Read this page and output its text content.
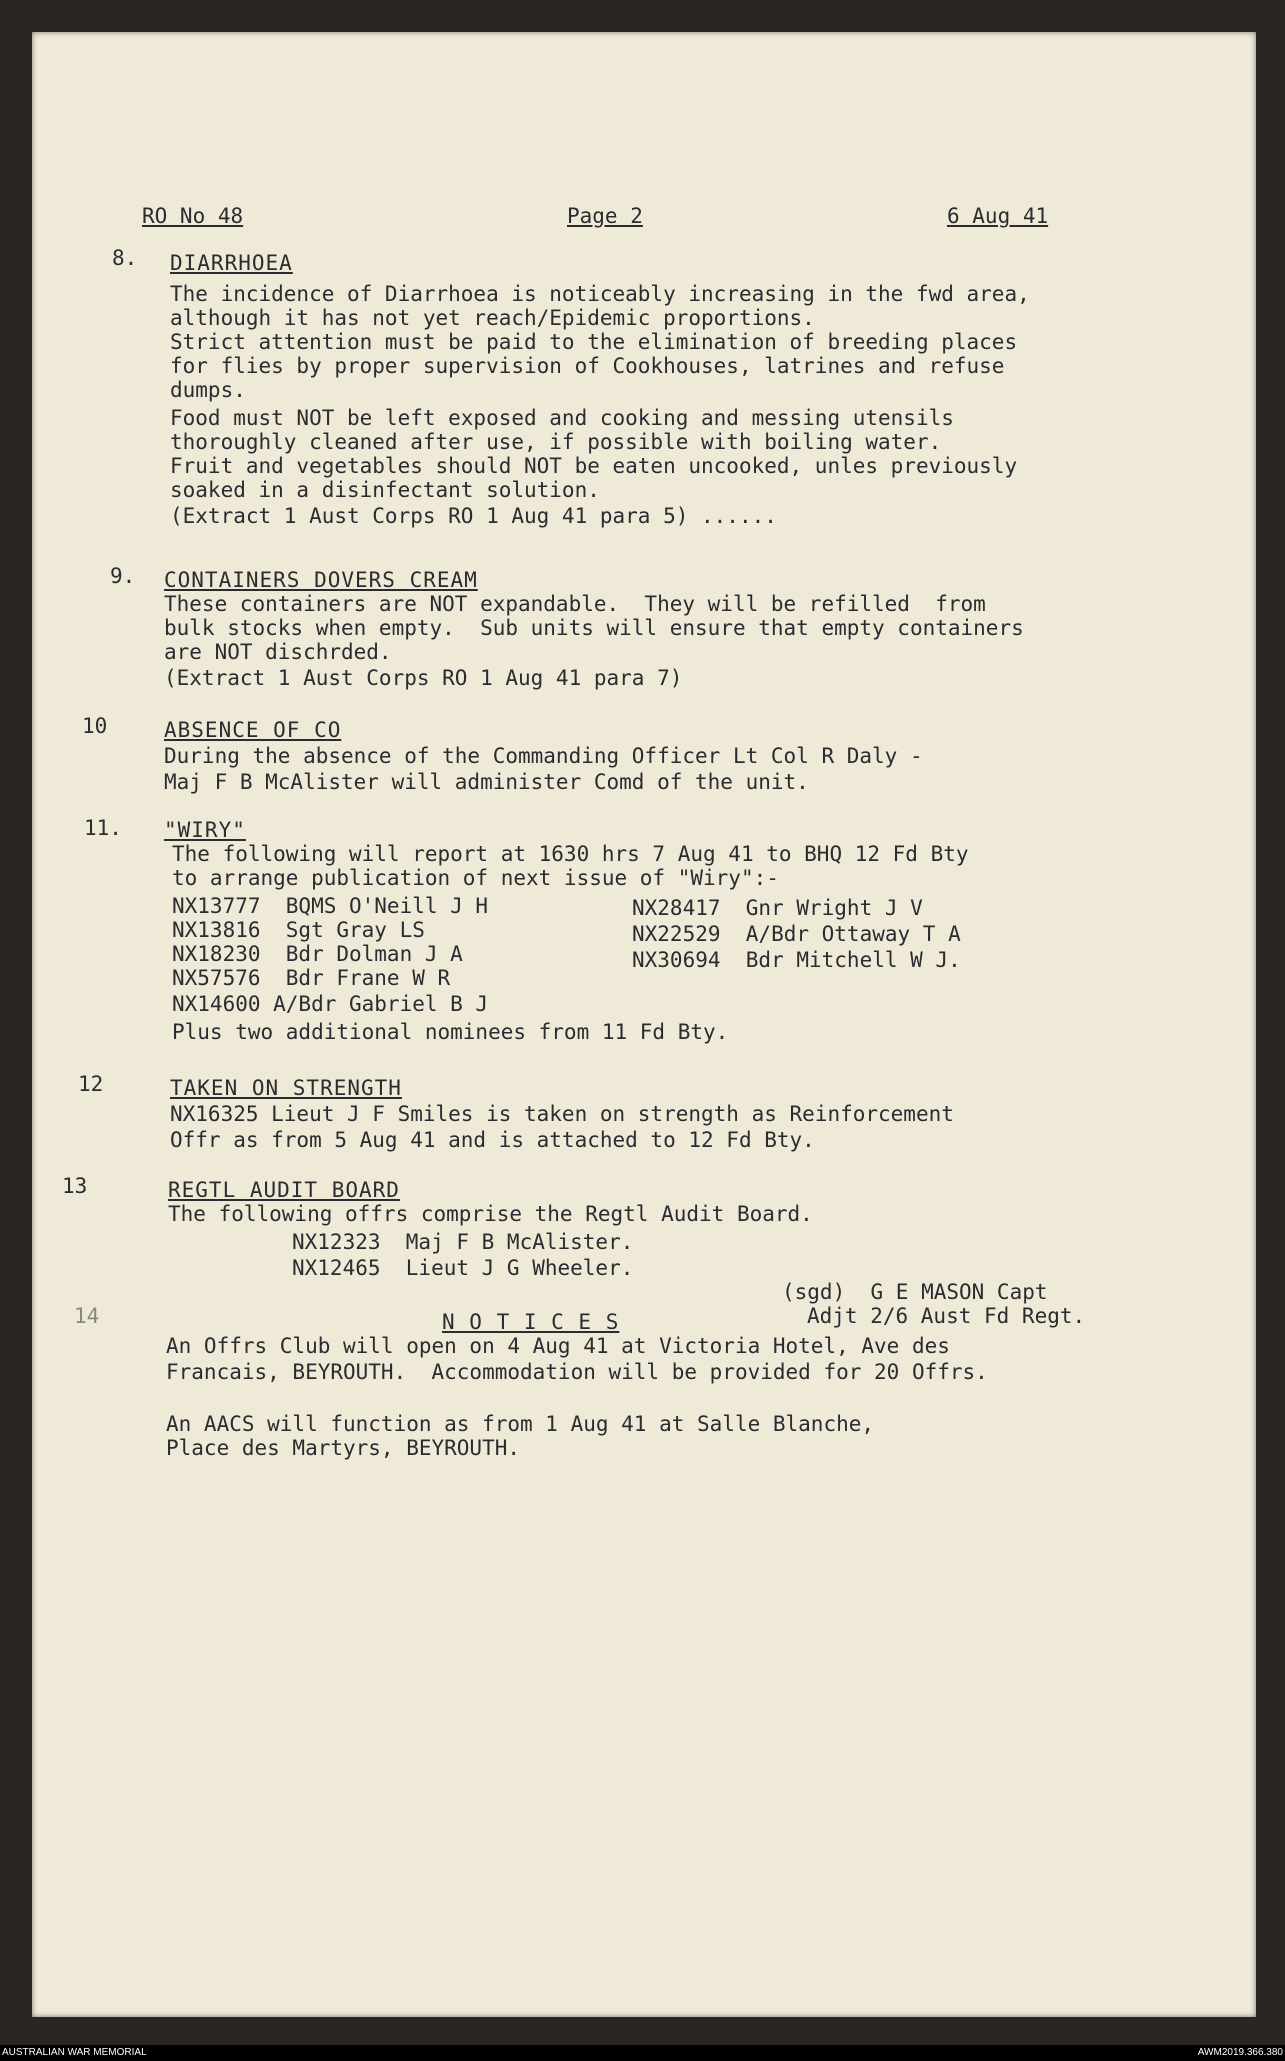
RO No 48	Page 2	6 Aug 41
8. DIARRHOEA
The incidence of Diarrhoea is noticeably increasing in the fwd area,
although it has not yet reach/Epidemic proportions.
Strict attention must be paid to the elimination of breeding places
for flies by proper supervision of Cookhouses, latrines and refuse
dumps.
Food must NOT be left exposed and cooking and messing utensils
thoroughly cleaned after use, if possible with boiling water.
Fruit and vegetables should NOT be eaten uncooked, unles previously
soaked in a disinfectant solution.
(Extract 1 Aust Corps RO 1 Aug 41 para 5) ......
9. CONTAINERS DOVERS CREAM
These containers are NOT expandable.  They will be refilled  from
bulk stocks when empty.  Sub units will ensure that empty containers
are NOT dischrded.
(Extract 1 Aust Corps RO 1 Aug 41 para 7)
10	ABSENCE OF CO
During the absence of the Commanding Officer Lt Col R Daly -
Maj F B McAlister will administer Comd of the unit.
11. "WIRY"
The following will report at 1630 hrs 7 Aug 41 to BHQ 12 Fd Bty
to arrange publication of next issue of "Wiry":-
NX13777  BQMS O'Neill J H
NX13816  Sgt Gray LS
NX18230  Bdr Dolman J A
NX57576  Bdr Frane W R
NX14600 A/Bdr Gabriel B J
NX28417  Gnr Wright J V
NX22529  A/Bdr Ottaway T A
NX30694  Bdr Mitchell W J.
Plus two additional nominees from 11 Fd Bty.
12	TAKEN ON STRENGTH
NX16325 Lieut J F Smiles is taken on strength as Reinforcement
Offr as from 5 Aug 41 and is attached to 12 Fd Bty.
13	REGTL AUDIT BOARD
The following offrs comprise the Regtl Audit Board.
NX12323  Maj F B McAlister.
NX12465  Lieut J G Wheeler.
(sgd)  G E MASON Capt
Adjt 2/6 Aust Fd Regt.
14	N O T I C E S
An Offrs Club will open on 4 Aug 41 at Victoria Hotel, Ave des
Francais, BEYROUTH.  Accommodation will be provided for 20 Offrs.
An AACS will function as from 1 Aug 41 at Salle Blanche,
Place des Martyrs, BEYROUTH.
AUSTRALIAN WAR MEMORIAL	AWM2019.366.380
